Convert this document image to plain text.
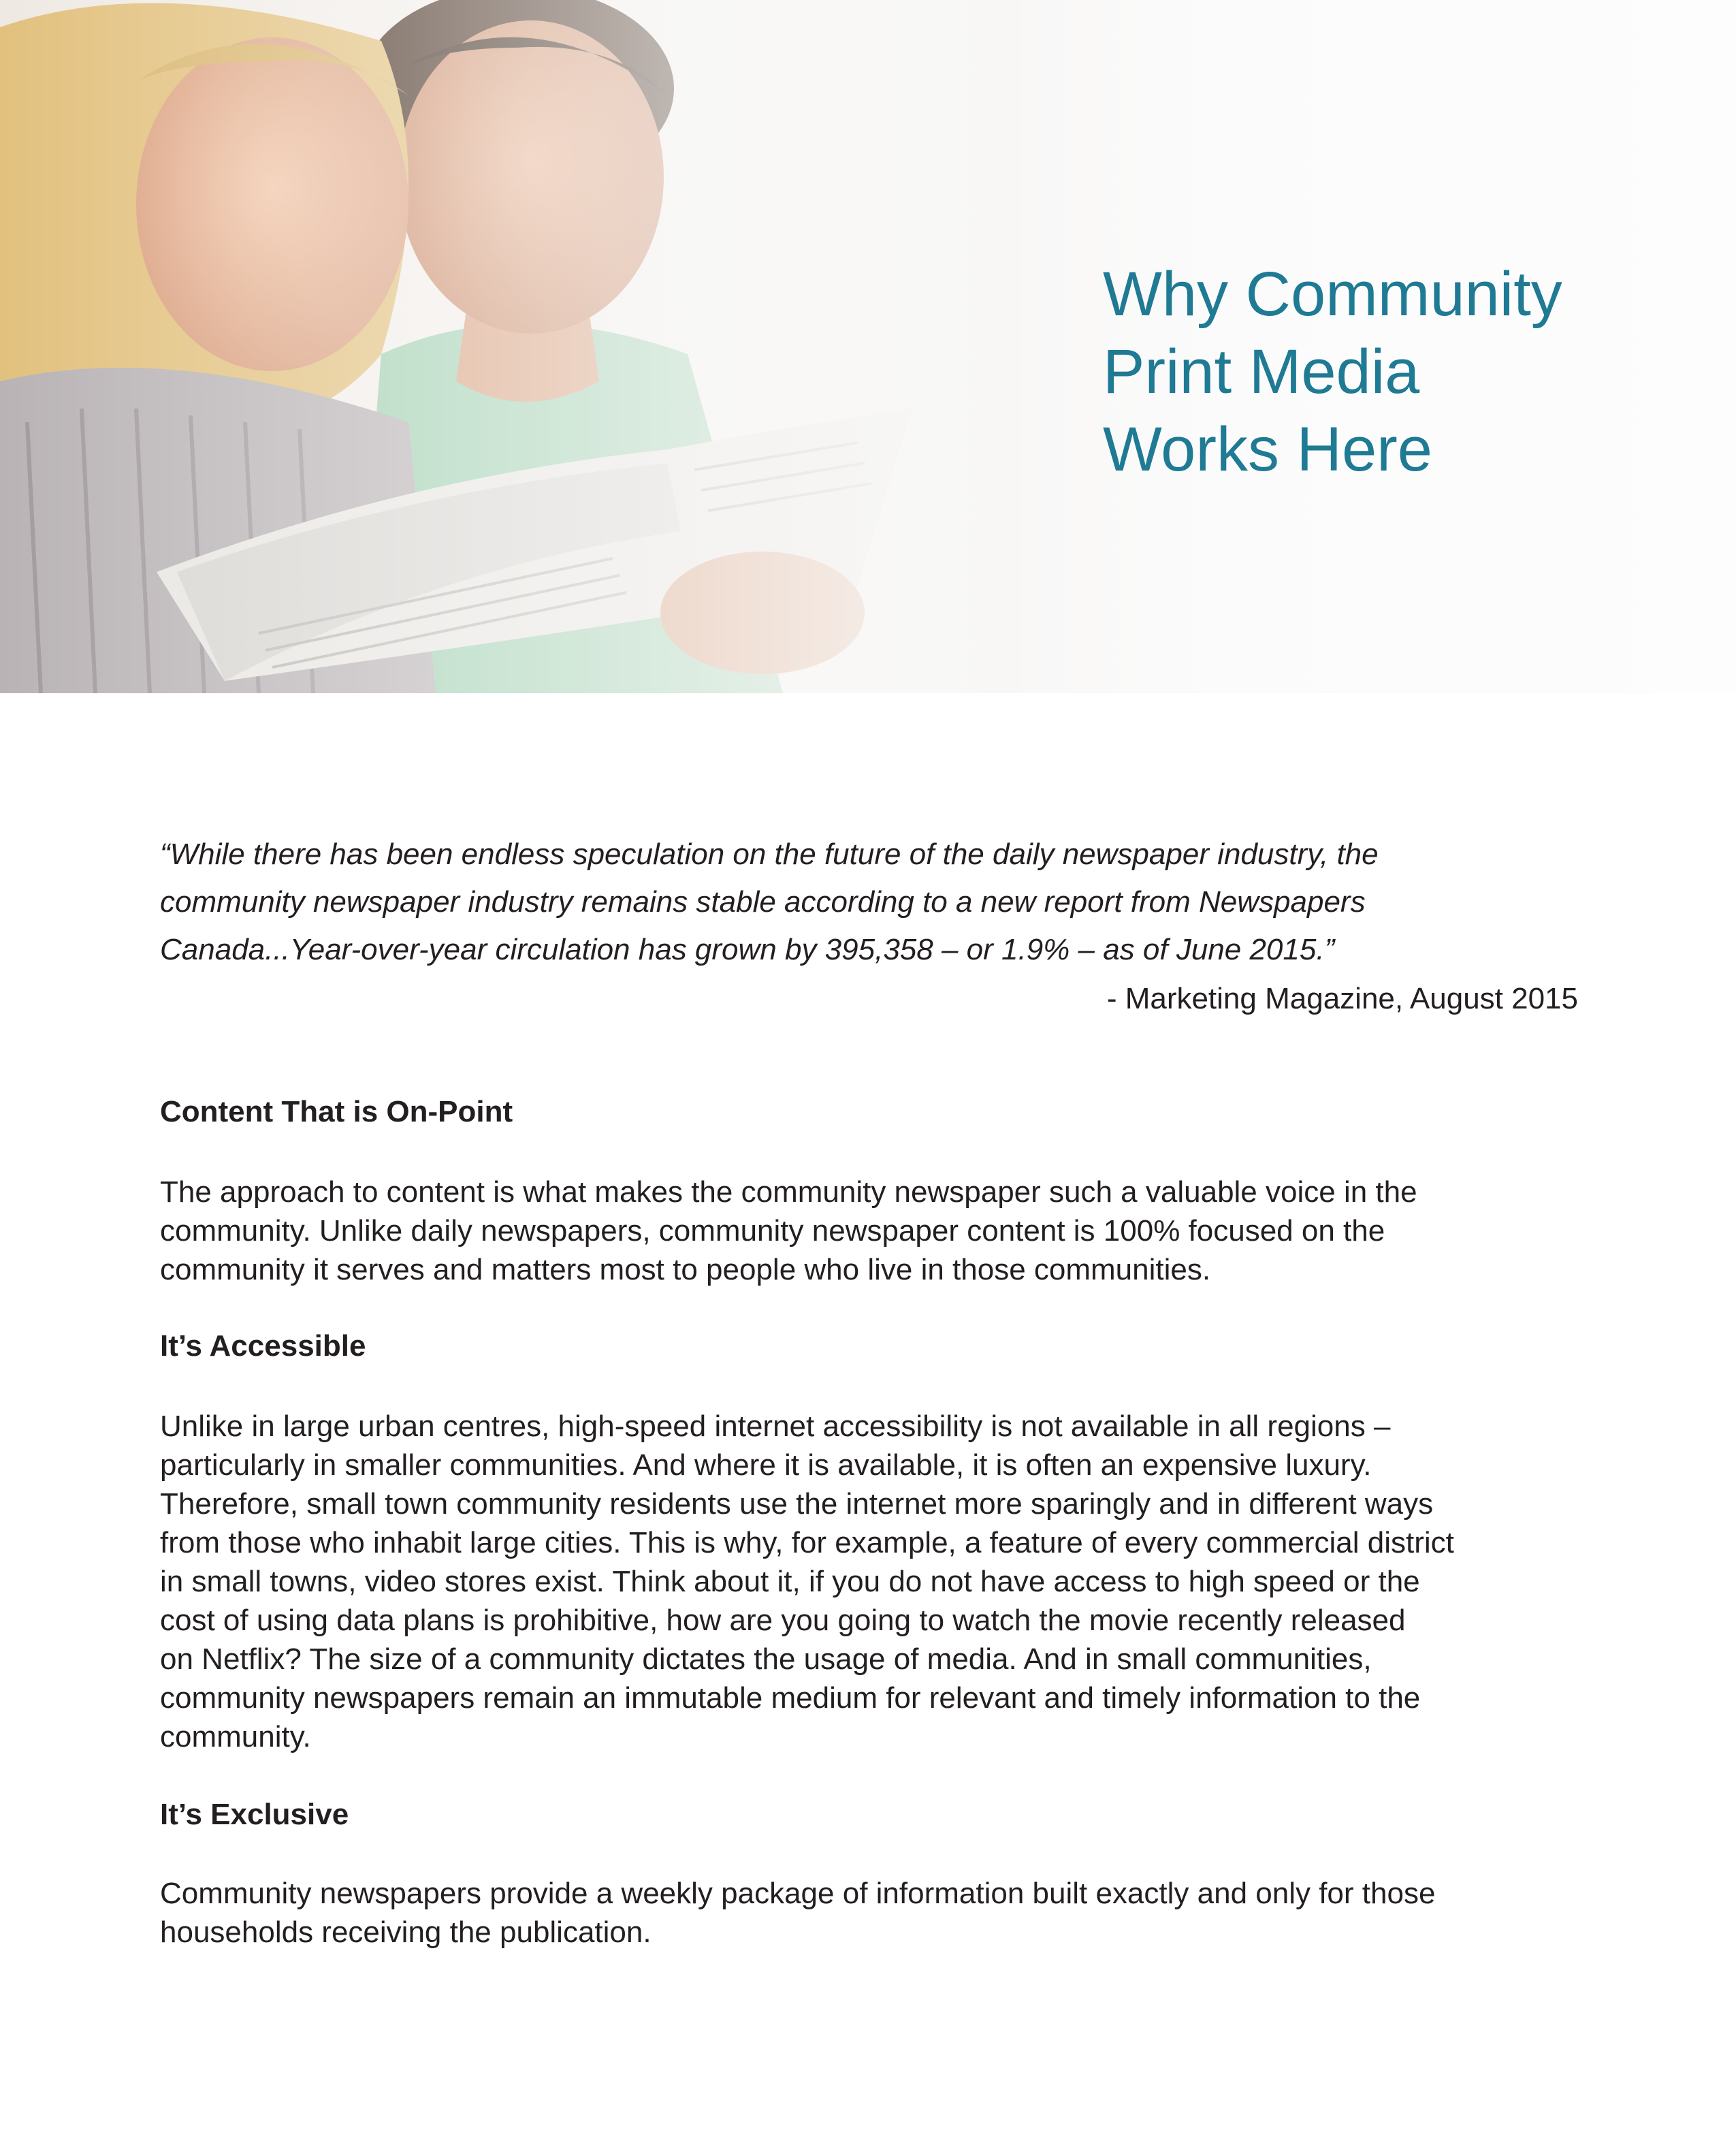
Why Community
Print Media
Works Here
“While there has been endless speculation on the future of the daily newspaper industry, the
community newspaper industry remains stable according to a new report from Newspapers
Canada...Year-over-year circulation has grown by 395,358 – or 1.9% – as of June 2015.”
- Marketing Magazine, August 2015
Content That is On-Point

The approach to content is what makes the community newspaper such a valuable voice in the
community. Unlike daily newspapers, community newspaper content is 100% focused on the
community it serves and matters most to people who live in those communities.

It’s Accessible

Unlike in large urban centres, high-speed internet accessibility is not available in all regions –
particularly in smaller communities. And where it is available, it is often an expensive luxury.
Therefore, small town community residents use the internet more sparingly and in different ways
from those who inhabit large cities. This is why, for example, a feature of every commercial district
in small towns, video stores exist. Think about it, if you do not have access to high speed or the
cost of using data plans is prohibitive, how are you going to watch the movie recently released
on Netflix? The size of a community dictates the usage of media. And in small communities,
community newspapers remain an immutable medium for relevant and timely information to the
community.

It’s Exclusive

Community newspapers provide a weekly package of information built exactly and only for those
households receiving the publication.
